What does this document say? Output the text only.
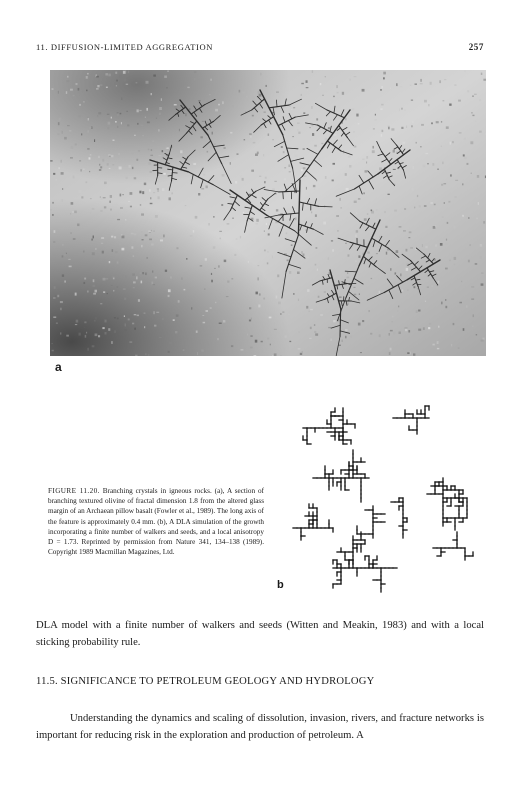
11. DIFFUSION-LIMITED AGGREGATION	257
a
FIGURE 11.20. Branching crystals in igneous rocks. (a), A section of branching textured olivine of fractal dimension 1.8 from the altered glass margin of an Archaean pillow basalt (Fowler et al., 1989). The long axis of the feature is approximately 0.4 mm. (b), A DLA simulation of the growth incorporating a finite number of walkers and seeds, and a local anisotropy D = 1.73. Reprinted by permission from Nature 341, 134–138 (1989). Copyright 1989 Macmillan Magazines, Ltd.
b
DLA model with a finite number of walkers and seeds (Witten and Meakin, 1983) and with a local sticking probability rule.
11.5. SIGNIFICANCE TO PETROLEUM GEOLOGY AND HYDROLOGY
Understanding the dynamics and scaling of dissolution, invasion, rivers, and fracture networks is important for reducing risk in the exploration and production of petroleum. A
